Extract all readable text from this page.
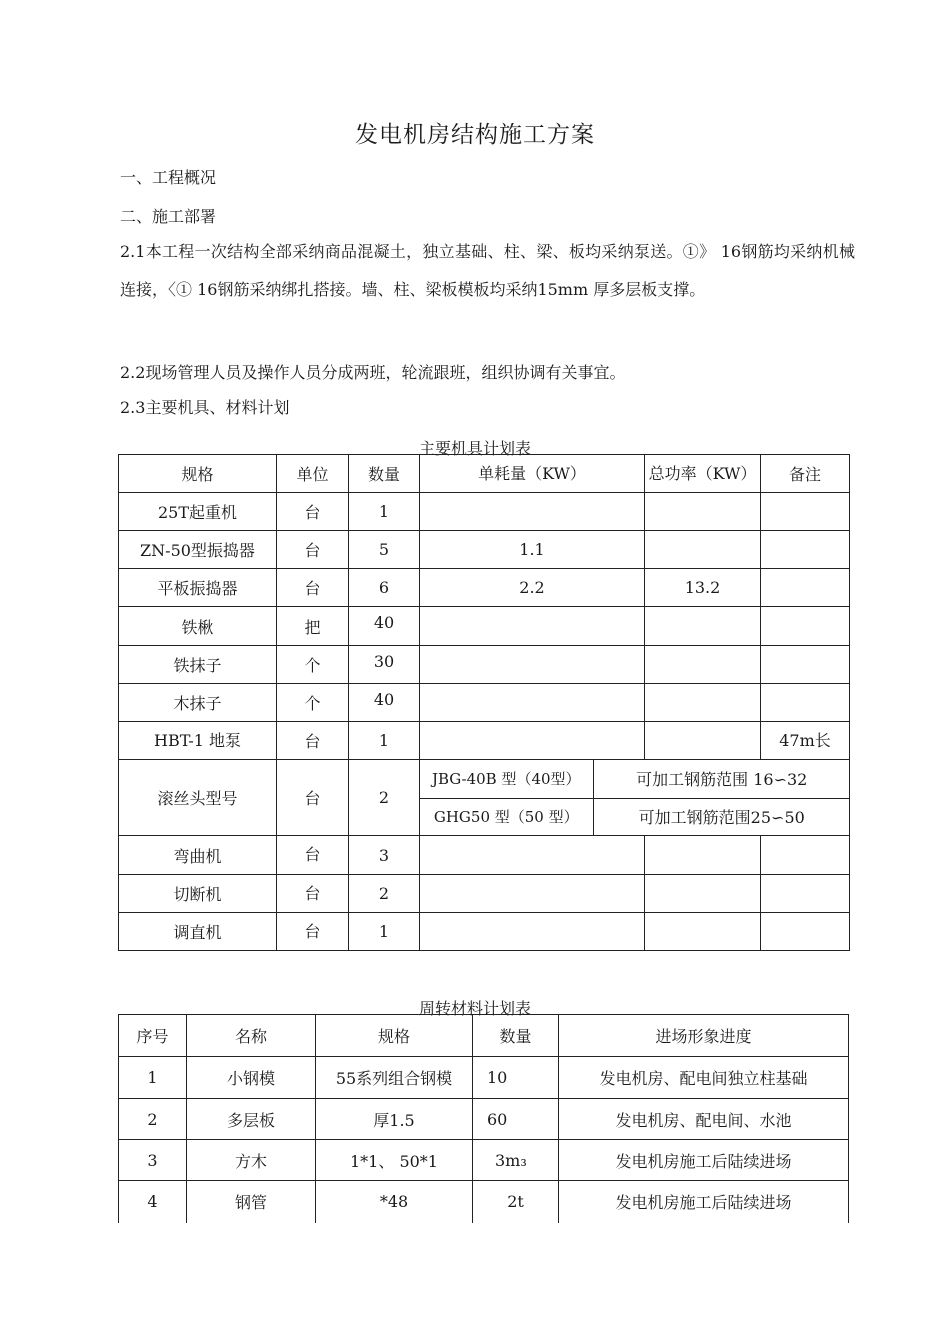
发电机房结构施工方案
一、工程概况
二、施工部署
2.1本工程一次结构全部采纳商品混凝土，独立基础、柱、梁、板均采纳泵送。①》 16钢筋均采纳机械连接，〈① 16钢筋采纳绑扎搭接。墙、柱、梁板模板均采纳15mm 厚多层板支撑。
2.2现场管理人员及操作人员分成两班，轮流跟班，组织协调有关事宜。
2.3主要机具、材料计划
主要机具计划表
规格	单位	数量	单耗量（KW）	总功率（KW）	备注
25T起重机	台	1			
ZN-50型振捣器	台	5	1.1		
平板振捣器	台	6	2.2	13.2	
铁楸	把	40			
铁抹子	个	30			
木抹子	个	40			
HBT-1 地泵	台	1			47m长
滚丝头型号	台	2	
JBG-40B 型（40型）	可加工钢筋范围 16∽32
GHG50 型（50 型）	可加工钢筋范围25∽50

弯曲机	台	3			
切断机	台	2			
调直机	台	1			
周转材料计划表
序号	名称	规格	数量	进场形象进度
1	小钢模	55系列组合钢模	10	发电机房、配电间独立柱基础
2	多层板	厚1.5	60	发电机房、配电间、水池
3	方木	1*1、 50*1	3m₃	发电机房施工后陆续进场
4	钢管	*48	2t	发电机房施工后陆续进场
